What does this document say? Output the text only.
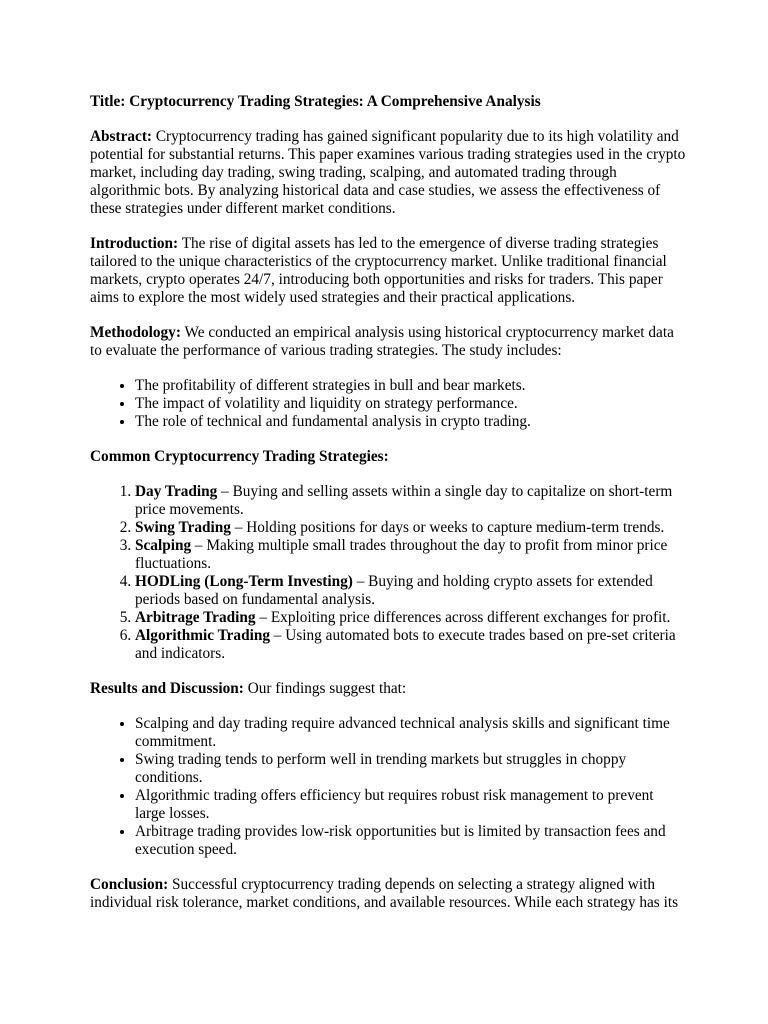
Title: Cryptocurrency Trading Strategies: A Comprehensive Analysis

Abstract: Cryptocurrency trading has gained significant popularity due to its high volatility and potential for substantial returns. This paper examines various trading strategies used in the crypto market, including day trading, swing trading, scalping, and automated trading through algorithmic bots. By analyzing historical data and case studies, we assess the effectiveness of these strategies under different market conditions.

Introduction: The rise of digital assets has led to the emergence of diverse trading strategies tailored to the unique characteristics of the cryptocurrency market. Unlike traditional financial markets, crypto operates 24/7, introducing both opportunities and risks for traders. This paper aims to explore the most widely used strategies and their practical applications.

Methodology: We conducted an empirical analysis using historical cryptocurrency market data to evaluate the performance of various trading strategies. The study includes:

• The profitability of different strategies in bull and bear markets.
• The impact of volatility and liquidity on strategy performance.
• The role of technical and fundamental analysis in crypto trading.

Common Cryptocurrency Trading Strategies:

1. Day Trading – Buying and selling assets within a single day to capitalize on short-term price movements.
2. Swing Trading – Holding positions for days or weeks to capture medium-term trends.
3. Scalping – Making multiple small trades throughout the day to profit from minor price fluctuations.
4. HODLing (Long-Term Investing) – Buying and holding crypto assets for extended periods based on fundamental analysis.
5. Arbitrage Trading – Exploiting price differences across different exchanges for profit.
6. Algorithmic Trading – Using automated bots to execute trades based on pre-set criteria and indicators.

Results and Discussion: Our findings suggest that:

• Scalping and day trading require advanced technical analysis skills and significant time commitment.
• Swing trading tends to perform well in trending markets but struggles in choppy conditions.
• Algorithmic trading offers efficiency but requires robust risk management to prevent large losses.
• Arbitrage trading provides low-risk opportunities but is limited by transaction fees and execution speed.

Conclusion: Successful cryptocurrency trading depends on selecting a strategy aligned with individual risk tolerance, market conditions, and available resources. While each strategy has its
